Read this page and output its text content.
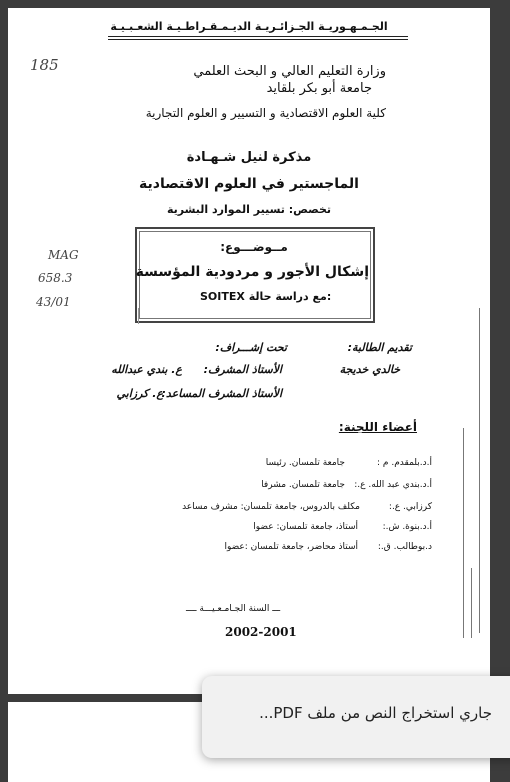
الجـمـهـوريـة الجـزائـريـة الديـمـقـراطـيـة الشعـبـيـة
185	وزارة التعليم العالي و البحث العلمي
جامعة أبو بكر بلقايد
كلية العلوم الاقتصادية و التسيير و العلوم التجارية
مذكرة لنيل شـهـادة
الماجستير في العلوم الاقتصادية
تخصص: تسيير الموارد البشرية
MAG
658.3
43/01
مــوضـــوع:
إشكال الأجور و مردودية المؤسسة
SOITEX مع دراسة حالة:
تقديم الطالبة:
تحت إشـــراف:
خالدي خديجة
الأستاذ المشرف:
ع. بندي عبدالله
الأستاذ المشرف المساعد:
ع. كرزابي
أعضاء اللجنة:
أ.د.بلمقدم. م :
جامعة تلمسان. رئيسا
أ.د.بندي عبد الله. ع.:
جامعة تلمسان. مشرفا
كرزابي. ع.:
مكلف بالدروس، جامعة تلمسان: مشرف مساعد
أ.د.بنوة. ش.:
أستاذ، جامعة تلمسان: عضوا
د.بوطالب. ق.:
أستاذ محاضر، جامعة تلمسان :عضوا
ـــ السنة الجـامـعـيـــة ــــ
2002-2001
جاري استخراج النص من ملف PDF...
